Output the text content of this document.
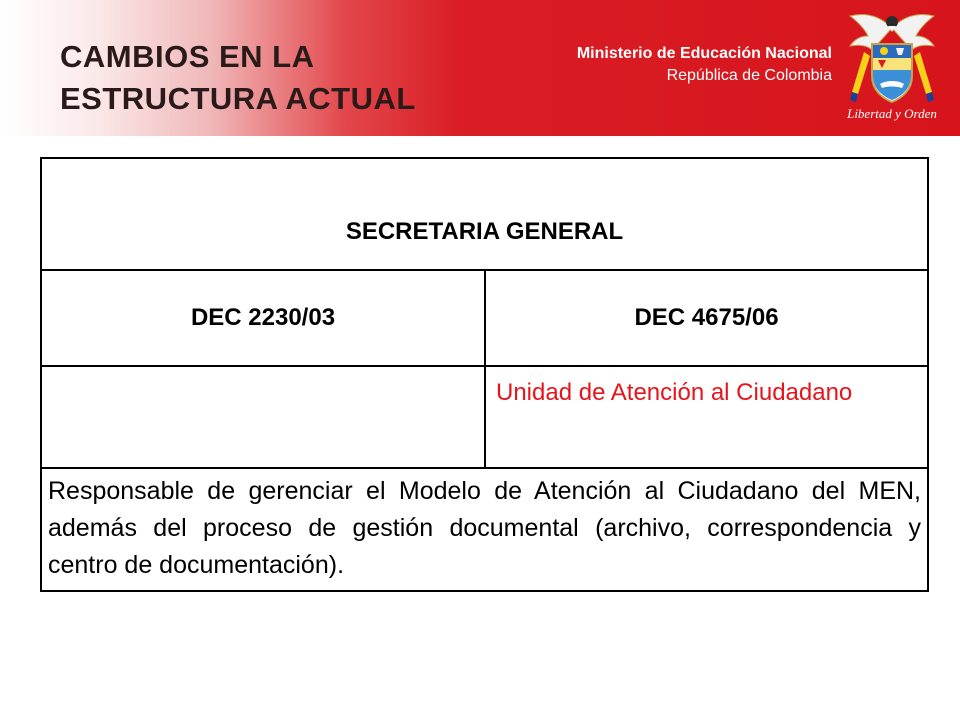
CAMBIOS EN LA
ESTRUCTURA ACTUAL
Ministerio de Educación Nacional
República de Colombia
Libertad y Orden
SECRETARIA GENERAL	
DEC 2230/03	DEC 4675/06
	Unidad de Atención al Ciudadano
Responsable de gerenciar el Modelo de Atención al Ciudadano del MEN, además del proceso de gestión documental (archivo, correspondencia y centro de documentación).	
